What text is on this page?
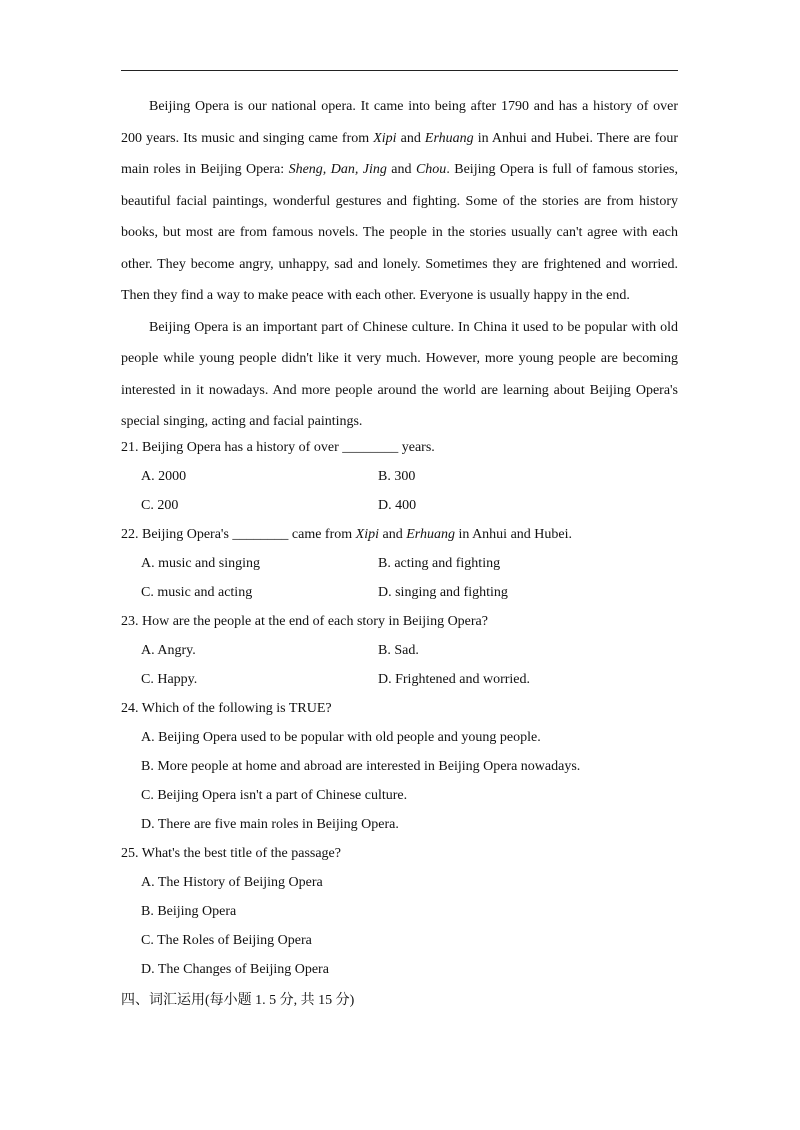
Beijing Opera is our national opera. It came into being after 1790 and has a history of over 200 years. Its music and singing came from Xipi and Erhuang in Anhui and Hubei. There are four main roles in Beijing Opera: Sheng, Dan, Jing and Chou. Beijing Opera is full of famous stories, beautiful facial paintings, wonderful gestures and fighting. Some of the stories are from history books, but most are from famous novels. The people in the stories usually can't agree with each other. They become angry, unhappy, sad and lonely. Sometimes they are frightened and worried. Then they find a way to make peace with each other. Everyone is usually happy in the end.

Beijing Opera is an important part of Chinese culture. In China it used to be popular with old people while young people didn't like it very much. However, more young people are becoming interested in it nowadays. And more people around the world are learning about Beijing Opera's special singing, acting and facial paintings.

21. Beijing Opera has a history of over ________ years.
A. 2000	B. 300
C. 200	D. 400
22. Beijing Opera's ________ came from Xipi and Erhuang in Anhui and Hubei.
A. music and singing	B. acting and fighting
C. music and acting	D. singing and fighting
23. How are the people at the end of each story in Beijing Opera?
A. Angry.	B. Sad.
C. Happy.	D. Frightened and worried.
24. Which of the following is TRUE?
A. Beijing Opera used to be popular with old people and young people.
B. More people at home and abroad are interested in Beijing Opera nowadays.
C. Beijing Opera isn't a part of Chinese culture.
D. There are five main roles in Beijing Opera.
25. What's the best title of the passage?
A. The History of Beijing Opera
B. Beijing Opera
C. The Roles of Beijing Opera
D. The Changes of Beijing Opera
四、词汇运用(每小题 1. 5 分, 共 15 分)
